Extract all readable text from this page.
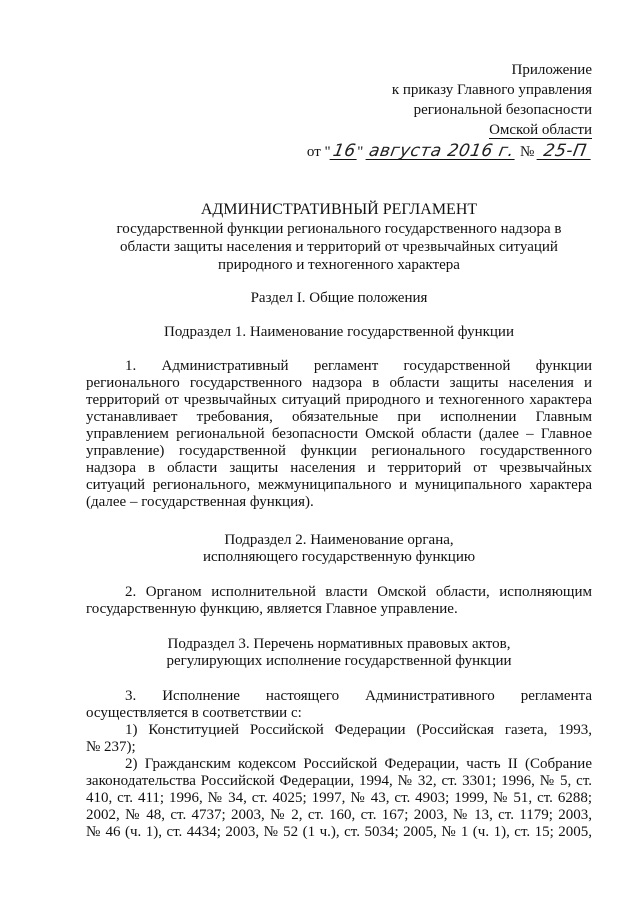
Приложение
к приказу Главного управления
региональной безопасности
Омской области
от "16" августа 2016 г. № 25-П
АДМИНИСТРАТИВНЫЙ РЕГЛАМЕНТ
государственной функции регионального государственного надзора в
области защиты населения и территорий от чрезвычайных ситуаций
природного и техногенного характера
Раздел I. Общие положения
Подраздел 1. Наименование государственной функции
1. Административный регламент государственной функции
регионального государственного надзора в области защиты населения и
территорий от чрезвычайных ситуаций природного и техногенного характера
устанавливает требования, обязательные при исполнении Главным
управлением региональной безопасности Омской области (далее – Главное
управление) государственной функции регионального государственного
надзора в области защиты населения и территорий от чрезвычайных
ситуаций регионального, межмуниципального и муниципального характера
(далее – государственная функция).
Подраздел 2. Наименование органа,
исполняющего государственную функцию
2. Органом исполнительной власти Омской области, исполняющим
государственную функцию, является Главное управление.
Подраздел 3. Перечень нормативных правовых актов,
регулирующих исполнение государственной функции
3. Исполнение настоящего Административного регламента
осуществляется в соответствии с:
1) Конституцией Российской Федерации (Российская газета, 1993,
№ 237);
2) Гражданским кодексом Российской Федерации, часть II (Собрание
законодательства Российской Федерации, 1994, № 32, ст. 3301; 1996, № 5, ст.
410, ст. 411; 1996, № 34, ст. 4025; 1997, № 43, ст. 4903; 1999, № 51, ст. 6288;
2002, № 48, ст. 4737; 2003, № 2, ст. 160, ст. 167; 2003, № 13, ст. 1179; 2003,
№ 46 (ч. 1), ст. 4434; 2003, № 52 (1 ч.), ст. 5034; 2005, № 1 (ч. 1), ст. 15; 2005,
